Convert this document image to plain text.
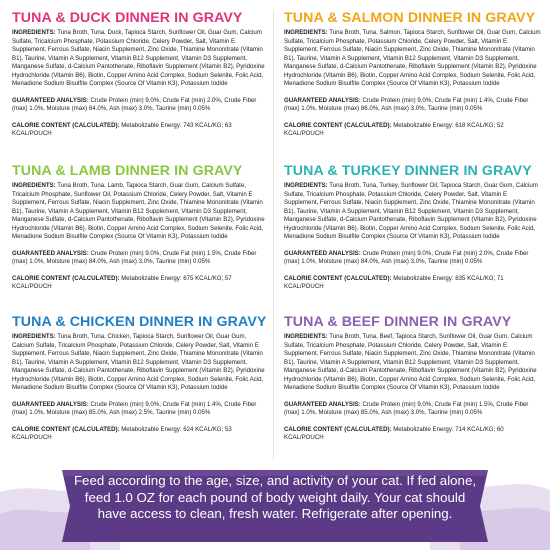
TUNA & DUCK DINNER IN GRAVY

INGREDIENTS: Tuna Broth, Tuna, Duck, Tapioca Starch, Sunflower Oil, Guar Gum, Calcium Sulfate, Tricalcium Phosphate, Potassium Chloride, Celery Powder, Salt, Vitamin E Supplement, Ferrous Sulfate, Niacin Supplement, Zinc Oxide, Thiamine Mononitrate (Vitamin B1), Taurine, Vitamin A Supplement, Vitamin B12 Supplement, Vitamin D3 Supplement, Manganese Sulfate, d-Calcium Pantothenate, Riboflavin Supplement (Vitamin B2), Pyridoxine Hydrochloride (Vitamin B6), Biotin, Copper Amino Acid Complex, Sodium Selenite, Folic Acid, Menadione Sodium Bisulfite Complex (Source Of Vitamin K3), Potassium Iodide

GUARANTEED ANALYSIS: Crude Protein (min) 9.0%, Crude Fat (min) 2.0%, Crude Fiber (max) 1.0%, Moisture (max) 84.0%, Ash (max) 3.0%, Taurine (min) 0.05%

CALORIE CONTENT (CALCULATED): Metabolizable Energy: 743 KCAL/KG; 63 KCAL/POUCH

TUNA & SALMON DINNER IN GRAVY

INGREDIENTS: Tuna Broth, Tuna, Salmon, Tapioca Starch, Sunflower Oil, Guar Gum, Calcium Sulfate, Tricalcium Phosphate, Potassium Chloride, Celery Powder, Salt, Vitamin E Supplement, Ferrous Sulfate, Niacin Supplement, Zinc Oxide, Thiamine Mononitrate (Vitamin B1), Taurine, Vitamin A Supplement, Vitamin B12 Supplement, Vitamin D3 Supplement, Manganese Sulfate, d-Calcium Pantothenate, Riboflavin Supplement (Vitamin B2), Pyridoxine Hydrochloride (Vitamin B6), Biotin, Copper Amino Acid Complex, Sodium Selenite, Folic Acid, Menadione Sodium Bisulfite Complex (Source Of Vitamin K3), Potassium Iodide

GUARANTEED ANALYSIS: Crude Protein (min) 9.0%, Crude Fat (min) 1.4%, Crude Fiber (max) 1.0%, Moisture (max) 86.0%, Ash (max) 3.0%, Taurine (min) 0.05%

CALORIE CONTENT (CALCULATED): Metabolizable Energy: 618 KCAL/KG; 52 KCAL/POUCH

TUNA & LAMB DINNER IN GRAVY

INGREDIENTS: Tuna Broth, Tuna, Lamb, Tapioca Starch, Guar Gum, Calcium Sulfate, Tricalcium Phosphate, Sunflower Oil, Potassium Chloride, Celery Powder, Salt, Vitamin E Supplement, Ferrous Sulfate, Niacin Supplement, Zinc Oxide, Thiamine Mononitrate (Vitamin B1), Taurine, Vitamin A Supplement, Vitamin B12 Supplement, Vitamin D3 Supplement, Manganese Sulfate, d-Calcium Pantothenate, Riboflavin Supplement (Vitamin B2), Pyridoxine Hydrochloride (Vitamin B6), Biotin, Copper Amino Acid Complex, Sodium Selenite, Folic Acid, Menadione Sodium Bisulfite Complex (Source Of Vitamin K3), Potassium Iodide

GUARANTEED ANALYSIS: Crude Protein (min) 9.0%, Crude Fat (min) 1.5%, Crude Fiber (max) 1.0%, Moisture (max) 84.0%, Ash (max) 3.0%, Taurine (min) 0.05%

CALORIE CONTENT (CALCULATED): Metabolizable Energy: 675 KCAL/KG; 57 KCAL/POUCH

TUNA & TURKEY DINNER IN GRAVY

INGREDIENTS: Tuna Broth, Tuna, Turkey, Sunflower Oil, Tapioca Starch, Guar Gum, Calcium Sulfate, Tricalcium Phosphate, Potassium Chloride, Celery Powder, Salt, Vitamin E Supplement, Ferrous Sulfate, Niacin Supplement, Zinc Oxide, Thiamine Mononitrate (Vitamin B1), Taurine, Vitamin A Supplement, Vitamin B12 Supplement, Vitamin D3 Supplement, Manganese Sulfate, d-Calcium Pantothenate, Riboflavin Supplement (Vitamin B2), Pyridoxine Hydrochloride (Vitamin B6), Biotin, Copper Amino Acid Complex, Sodium Selenite, Folic Acid, Menadione Sodium Bisulfite Complex (Source Of Vitamin K3), Potassium Iodide

GUARANTEED ANALYSIS: Crude Protein (min) 9.0%, Crude Fat (min) 2.0%, Crude Fiber (max) 1.0%, Moisture (max) 84.0%, Ash (max) 3.0%, Taurine (min) 0.05%

CALORIE CONTENT (CALCULATED): Metabolizable Energy: 835 KCAL/KG; 71 KCAL/POUCH

TUNA & CHICKEN DINNER IN GRAVY

INGREDIENTS: Tuna Broth, Tuna, Chicken, Tapioca Starch, Sunflower Oil, Guar Gum, Calcium Sulfate, Tricalcium Phosphate, Potassium Chloride, Celery Powder, Salt, Vitamin E Supplement, Ferrous Sulfate, Niacin Supplement, Zinc Oxide, Thiamine Mononitrate (Vitamin B1), Taurine, Vitamin A Supplement, Vitamin B12 Supplement, Vitamin D3 Supplement, Manganese Sulfate, d-Calcium Pantothenate, Riboflavin Supplement (Vitamin B2), Pyridoxine Hydrochloride (Vitamin B6), Biotin, Copper Amino Acid Complex, Sodium Selenite, Folic Acid, Menadione Sodium Bisulfite Complex (Source Of Vitamin K3), Potassium Iodide

GUARANTEED ANALYSIS: Crude Protein (min) 9.0%, Crude Fat (min) 1.4%, Crude Fiber (max) 1.0%, Moisture (max) 85.0%, Ash (max) 2.5%, Taurine (min) 0.05%

CALORIE CONTENT (CALCULATED): Metabolizable Energy: 624 KCAL/KG; 53 KCAL/POUCH

TUNA & BEEF DINNER IN GRAVY

INGREDIENTS: Tuna Broth, Tuna, Beef, Tapioca Starch, Sunflower Oil, Guar Gum, Calcium Sulfate, Tricalcium Phosphate, Potassium Chloride, Celery Powder, Salt, Vitamin E Supplement, Ferrous Sulfate, Niacin Supplement, Zinc Oxide, Thiamine Mononitrate (Vitamin B1), Taurine, Vitamin A Supplement, Vitamin B12 Supplement, Vitamin D3 Supplement, Manganese Sulfate, d-Calcium Pantothenate, Riboflavin Supplement (Vitamin B2), Pyridoxine Hydrochloride (Vitamin B6), Biotin, Copper Amino Acid Complex, Sodium Selenite, Folic Acid, Menadione Sodium Bisulfite Complex (Source Of Vitamin K3), Potassium Iodide

GUARANTEED ANALYSIS: Crude Protein (min) 9.0%, Crude Fat (min) 1.5%, Crude Fiber (max) 1.0%, Moisture (max) 85.0%, Ash (max) 3.0%, Taurine (min) 0.05%

CALORIE CONTENT (CALCULATED): Metabolizable Energy: 714 KCAL/KG; 60 KCAL/POUCH

Feed according to the age, size, and activity of your cat. If fed alone, feed 1.0 OZ for each pound of body weight daily. Your cat should have access to clean, fresh water. Refrigerate after opening.
